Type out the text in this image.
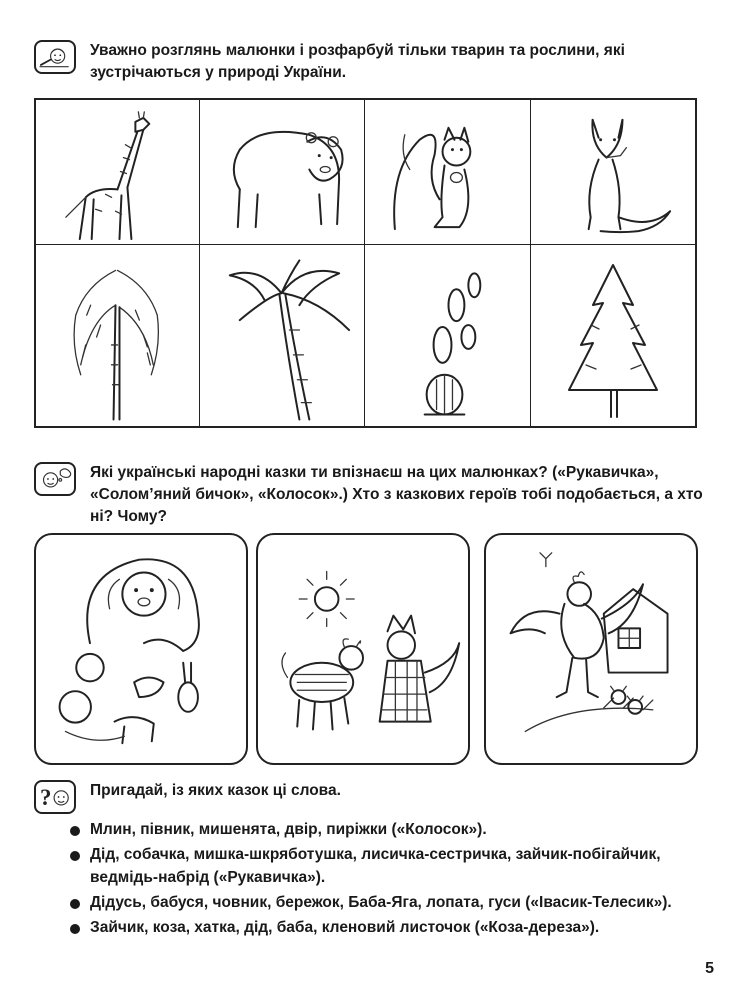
Уважно розглянь малюнки і розфарбуй тільки тварин та рослини, які зустрічаються у природі України.
Які українські народні казки ти впізнаєш на цих малюнках? («Рукавичка», «Солом’яний бичок», «Колосок».) Хто з казкових героїв тобі подобається, а хто ні? Чому?
? Пригадай, із яких казок ці слова.
Млин, півник, мишенята, двір, пиріжки («Колосок»).
Дід, собачка, мишка-шкряботушка, лисичка-сестричка, зайчик-побігайчик, ведмідь-набрід («Рукавичка»).
Дідусь, бабуся, човник, бережок, Баба-Яга, лопата, гуси («Івасик-Телесик»).
Зайчик, коза, хатка, дід, баба, кленовий листочок («Коза-дереза»).
5
